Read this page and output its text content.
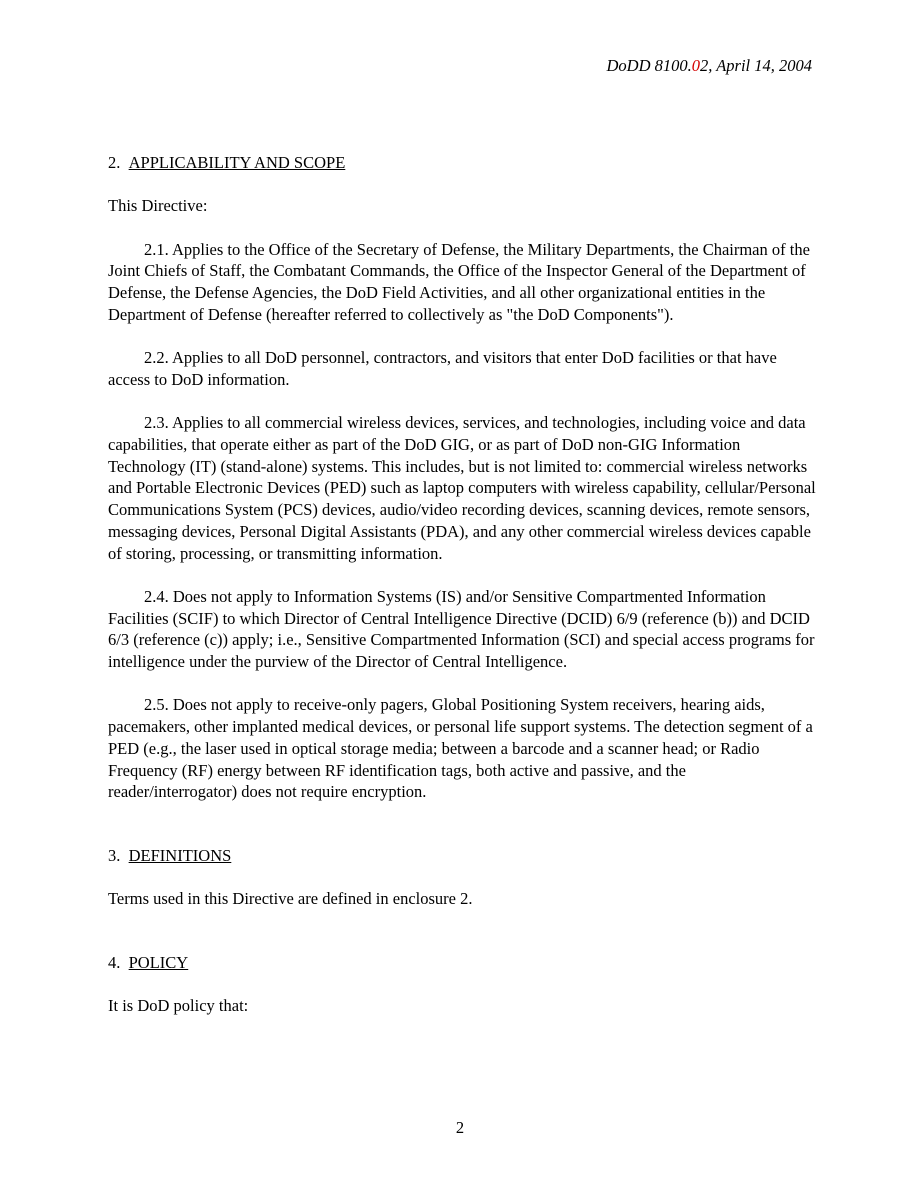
DoDD 8100.02, April 14, 2004

2. APPLICABILITY AND SCOPE

This Directive:

2.1. Applies to the Office of the Secretary of Defense, the Military Departments, the Chairman of the Joint Chiefs of Staff, the Combatant Commands, the Office of the Inspector General of the Department of Defense, the Defense Agencies, the DoD Field Activities, and all other organizational entities in the Department of Defense (hereafter referred to collectively as "the DoD Components").

2.2. Applies to all DoD personnel, contractors, and visitors that enter DoD facilities or that have access to DoD information.

2.3. Applies to all commercial wireless devices, services, and technologies, including voice and data capabilities, that operate either as part of the DoD GIG, or as part of DoD non-GIG Information Technology (IT) (stand-alone) systems. This includes, but is not limited to: commercial wireless networks and Portable Electronic Devices (PED) such as laptop computers with wireless capability, cellular/Personal Communications System (PCS) devices, audio/video recording devices, scanning devices, remote sensors, messaging devices, Personal Digital Assistants (PDA), and any other commercial wireless devices capable of storing, processing, or transmitting information.

2.4. Does not apply to Information Systems (IS) and/or Sensitive Compartmented Information Facilities (SCIF) to which Director of Central Intelligence Directive (DCID) 6/9 (reference (b)) and DCID 6/3 (reference (c)) apply; i.e., Sensitive Compartmented Information (SCI) and special access programs for intelligence under the purview of the Director of Central Intelligence.

2.5. Does not apply to receive-only pagers, Global Positioning System receivers, hearing aids, pacemakers, other implanted medical devices, or personal life support systems. The detection segment of a PED (e.g., the laser used in optical storage media; between a barcode and a scanner head; or Radio Frequency (RF) energy between RF identification tags, both active and passive, and the reader/interrogator) does not require encryption.

3. DEFINITIONS

Terms used in this Directive are defined in enclosure 2.

4. POLICY

It is DoD policy that:

2
